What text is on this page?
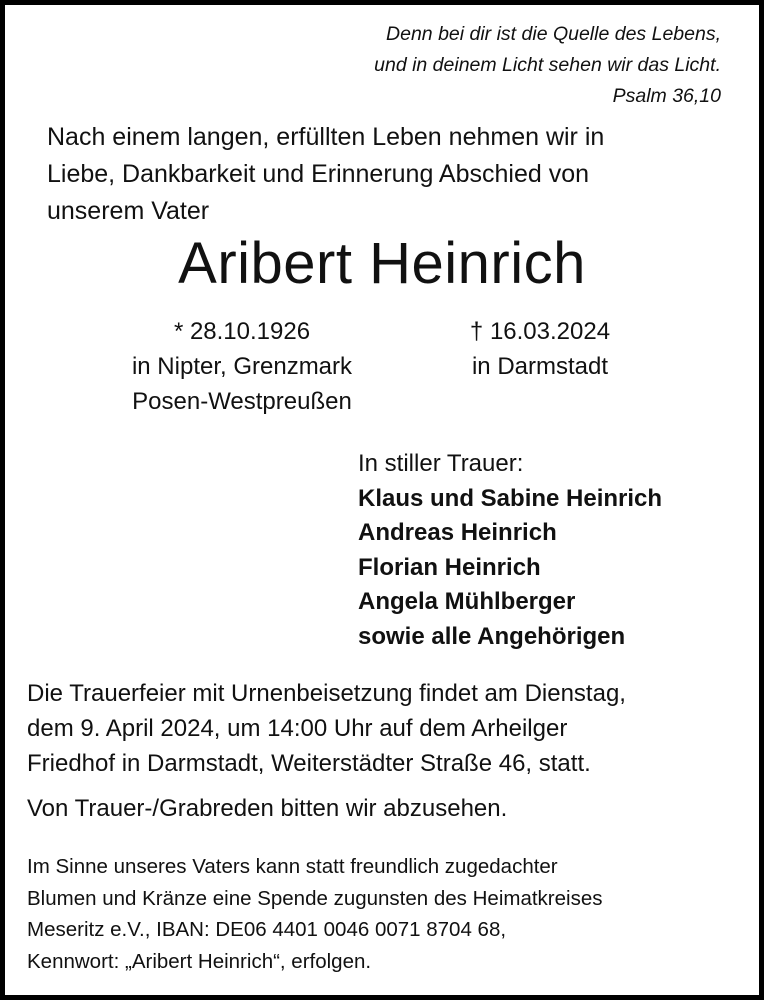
Denn bei dir ist die Quelle des Lebens,
und in deinem Licht sehen wir das Licht.
Psalm 36,10
Nach einem langen, erfüllten Leben nehmen wir in
Liebe, Dankbarkeit und Erinnerung Abschied von
unserem Vater
Aribert Heinrich
* 28.10.1926
in Nipter, Grenzmark
Posen-Westpreußen
† 16.03.2024
in Darmstadt
In stiller Trauer:
Klaus und Sabine Heinrich
Andreas Heinrich
Florian Heinrich
Angela Mühlberger
sowie alle Angehörigen
Die Trauerfeier mit Urnenbeisetzung findet am Dienstag,
dem 9. April 2024, um 14:00 Uhr auf dem Arheilger
Friedhof in Darmstadt, Weiterstädter Straße 46, statt.
Von Trauer-/Grabreden bitten wir abzusehen.
Im Sinne unseres Vaters kann statt freundlich zugedachter
Blumen und Kränze eine Spende zugunsten des Heimatkreises
Meseritz e.V., IBAN: DE06 4401 0046 0071 8704 68,
Kennwort: „Aribert Heinrich“, erfolgen.
